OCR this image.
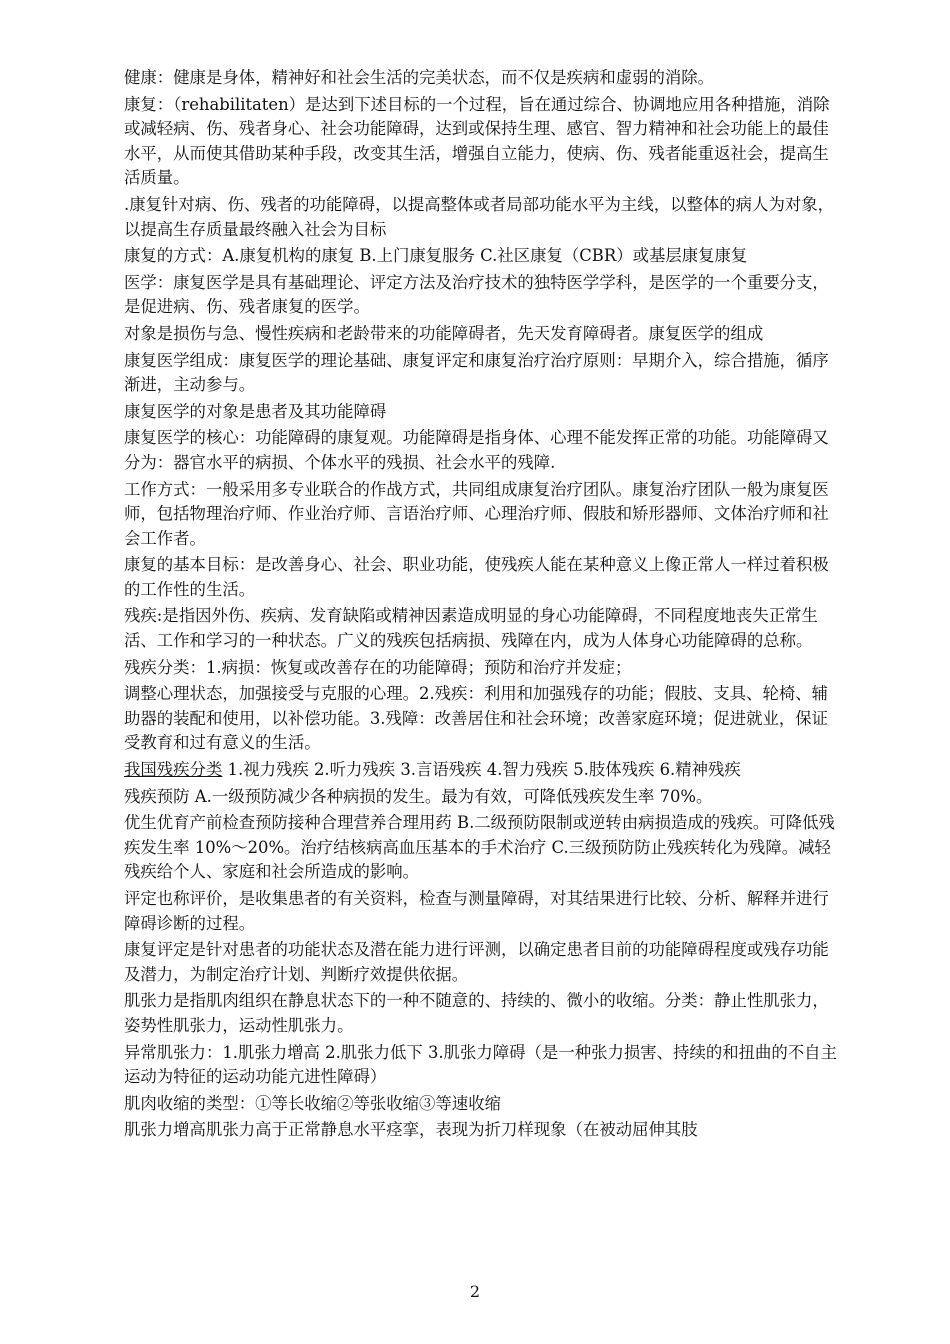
健康：健康是身体，精神好和社会生活的完美状态，而不仅是疾病和虚弱的消除。

康复：（rehabilitaten）是达到下述目标的一个过程，旨在通过综合、协调地应用各种措施，消除或减轻病、伤、残者身心、社会功能障碍，达到或保持生理、感官、智力精神和社会功能上的最佳水平，从而使其借助某种手段，改变其生活，增强自立能力，使病、伤、残者能重返社会，提高生活质量。

.康复针对病、伤、残者的功能障碍，以提高整体或者局部功能水平为主线，以整体的病人为对象，以提高生存质量最终融入社会为目标

康复的方式：A.康复机构的康复 B.上门康复服务 C.社区康复（CBR）或基层康复康复

医学：康复医学是具有基础理论、评定方法及治疗技术的独特医学学科，是医学的一个重要分支，是促进病、伤、残者康复的医学。

对象是损伤与急、慢性疾病和老龄带来的功能障碍者，先天发育障碍者。康复医学的组成

康复医学组成：康复医学的理论基础、康复评定和康复治疗治疗原则：早期介入，综合措施，循序渐进，主动参与。

康复医学的对象是患者及其功能障碍

康复医学的核心：功能障碍的康复观。功能障碍是指身体、心理不能发挥正常的功能。功能障碍又分为：器官水平的病损、个体水平的残损、社会水平的残障.

工作方式：一般采用多专业联合的作战方式，共同组成康复治疗团队。康复治疗团队一般为康复医师，包括物理治疗师、作业治疗师、言语治疗师、心理治疗师、假肢和矫形器师、文体治疗师和社会工作者。

康复的基本目标：是改善身心、社会、职业功能，使残疾人能在某种意义上像正常人一样过着积极的工作性的生活。

残疾:是指因外伤、疾病、发育缺陷或精神因素造成明显的身心功能障碍，不同程度地丧失正常生活、工作和学习的一种状态。广义的残疾包括病损、残障在内，成为人体身心功能障碍的总称。

残疾分类：1.病损：恢复或改善存在的功能障碍；预防和治疗并发症；

调整心理状态，加强接受与克服的心理。2.残疾：利用和加强残存的功能；假肢、支具、轮椅、辅助器的装配和使用，以补偿功能。3.残障：改善居住和社会环境；改善家庭环境；促进就业，保证受教育和过有意义的生活。

我国残疾分类 1.视力残疾 2.听力残疾 3.言语残疾 4.智力残疾 5.肢体残疾 6.精神残疾

残疾预防 A.一级预防减少各种病损的发生。最为有效，可降低残疾发生率 70%。

优生优育产前检查预防接种合理营养合理用药 B.二级预防限制或逆转由病损造成的残疾。可降低残疾发生率 10%～20%。治疗结核病高血压基本的手术治疗 C.三级预防防止残疾转化为残障。减轻残疾给个人、家庭和社会所造成的影响。

评定也称评价，是收集患者的有关资料，检查与测量障碍，对其结果进行比较、分析、解释并进行障碍诊断的过程。

康复评定是针对患者的功能状态及潜在能力进行评测，以确定患者目前的功能障碍程度或残存功能及潜力，为制定治疗计划、判断疗效提供依据。

肌张力是指肌肉组织在静息状态下的一种不随意的、持续的、微小的收缩。分类：静止性肌张力，姿势性肌张力，运动性肌张力。

异常肌张力：1.肌张力增高 2.肌张力低下 3.肌张力障碍（是一种张力损害、持续的和扭曲的不自主运动为特征的运动功能亢进性障碍）

肌肉收缩的类型：①等长收缩②等张收缩③等速收缩

肌张力增高肌张力高于正常静息水平痉挛，表现为折刀样现象（在被动屈伸其肢

2
